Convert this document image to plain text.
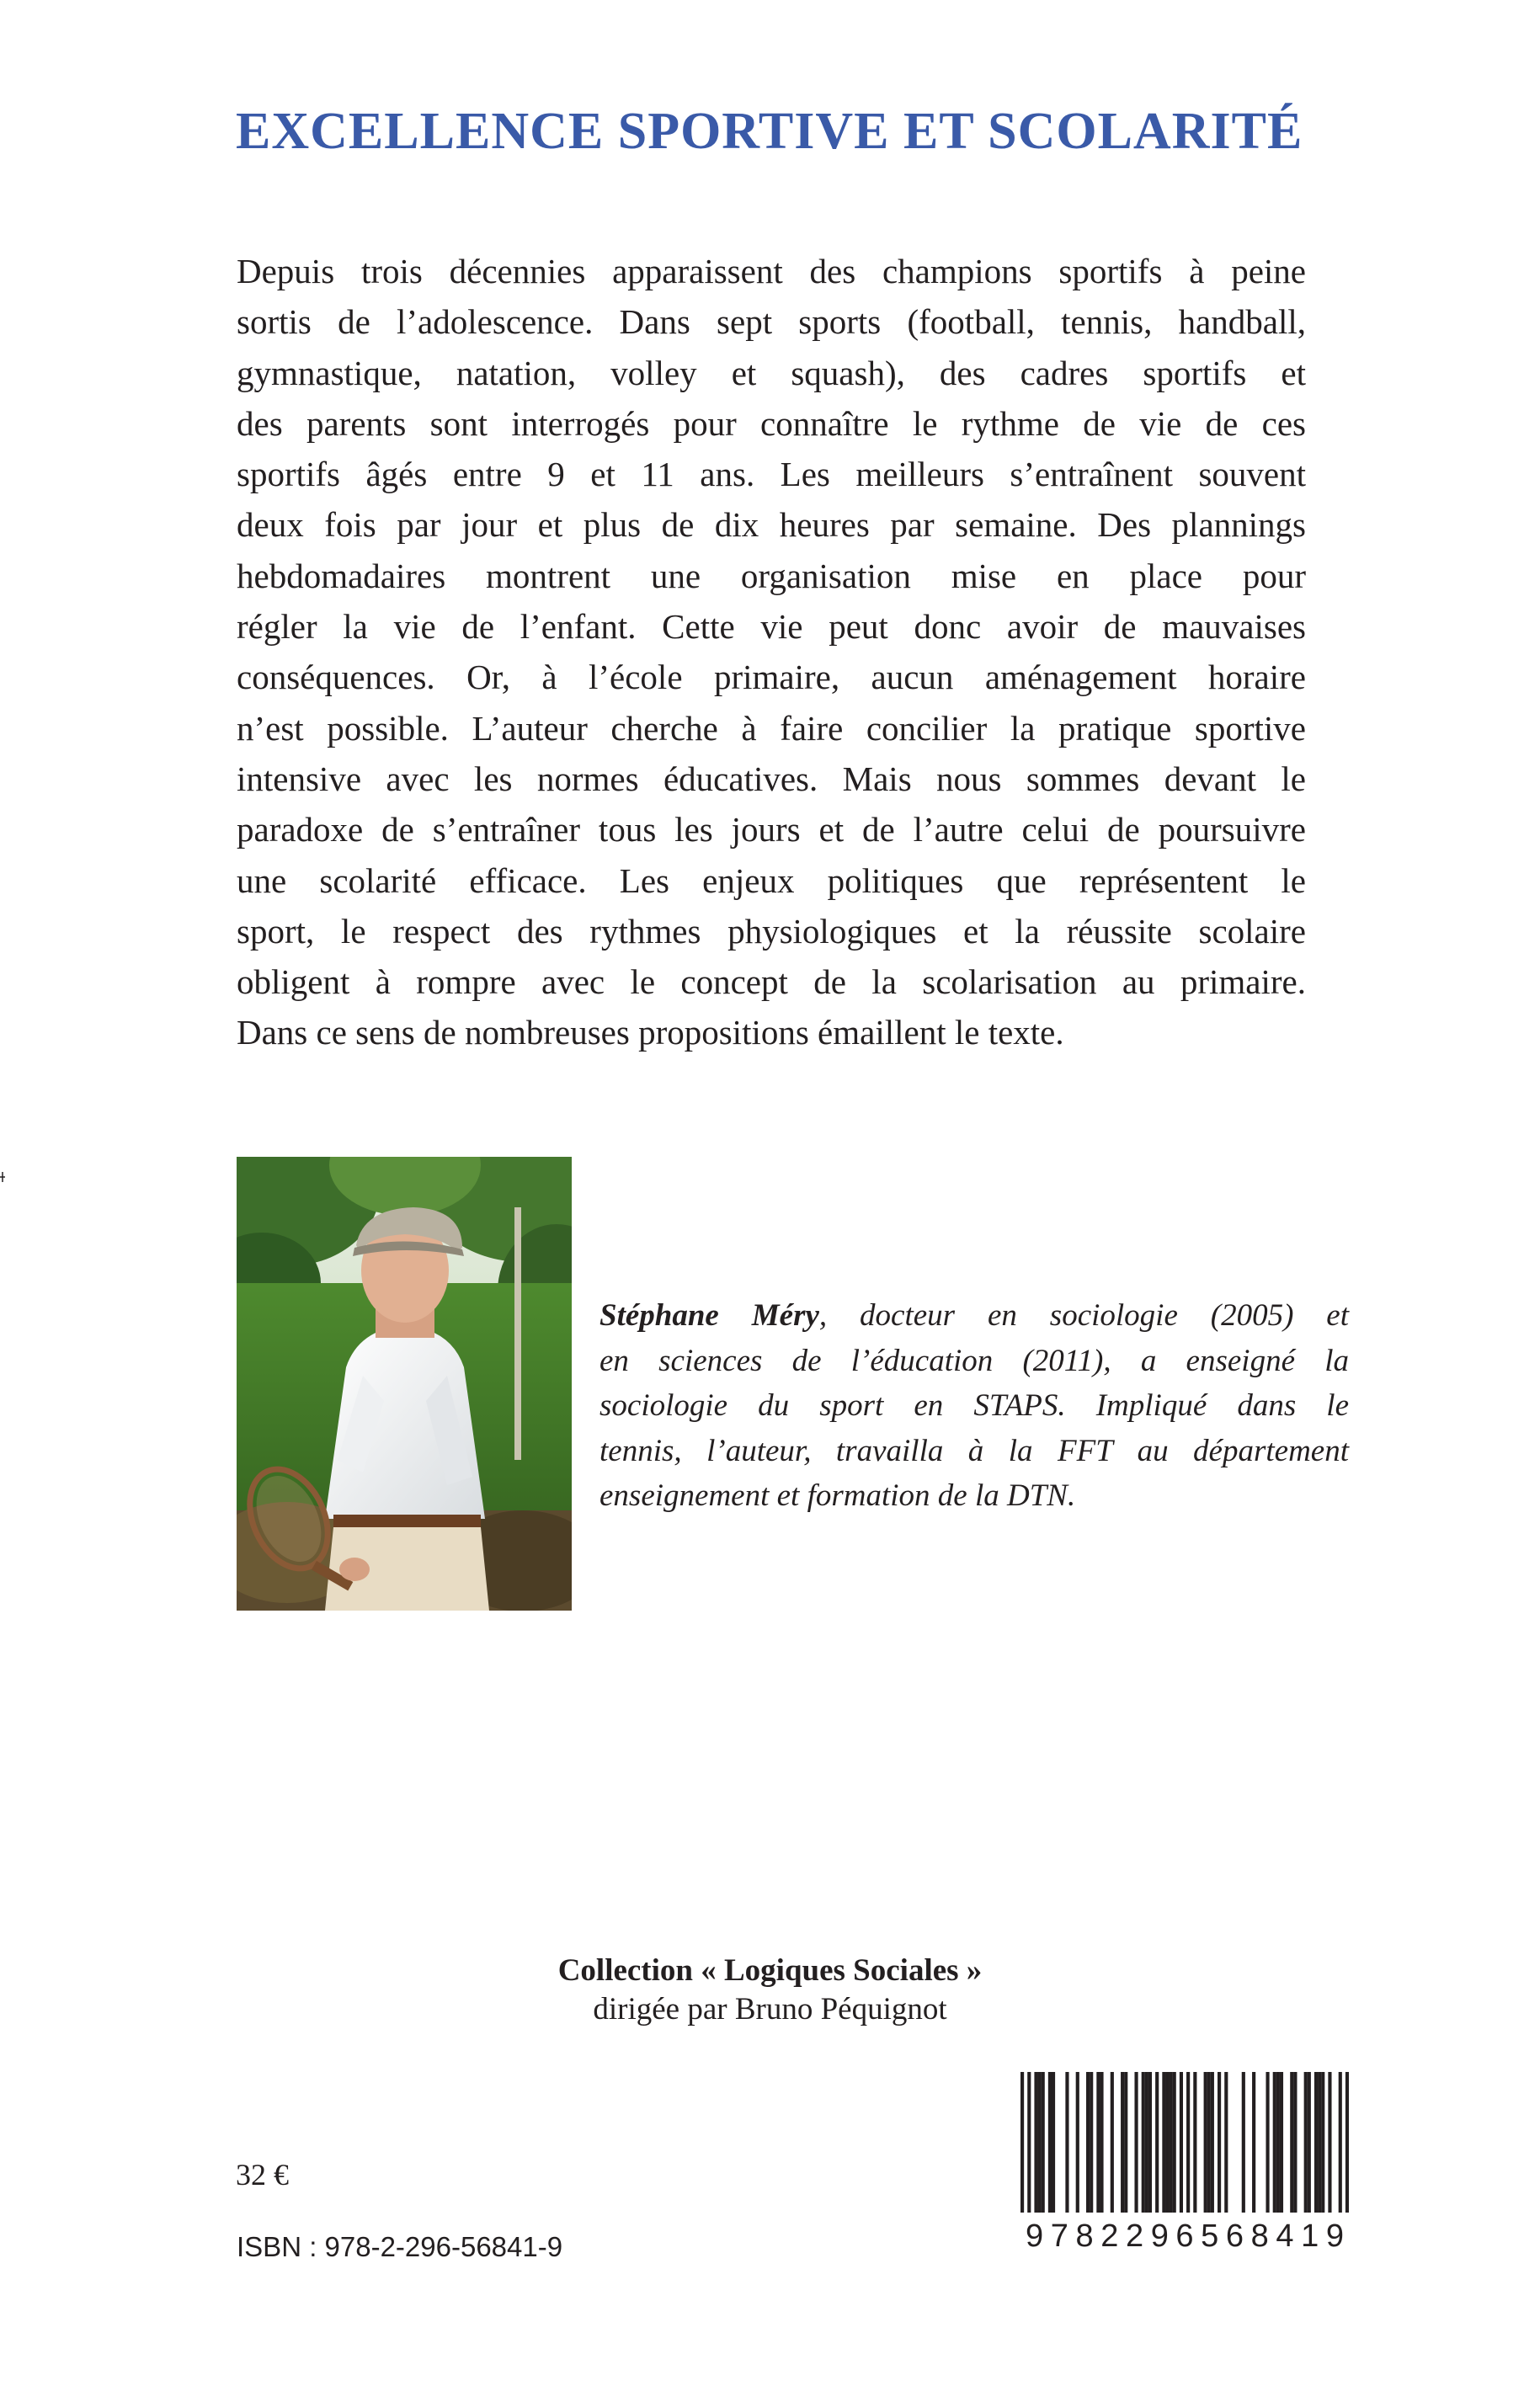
EXCELLENCE SPORTIVE ET SCOLARITÉ
Depuis trois décennies apparaissent des champions sportifs à peine
sortis de l’adolescence. Dans sept sports (football, tennis, handball,
gymnastique, natation, volley et squash), des cadres sportifs et
des parents sont interrogés pour connaître le rythme de vie de ces
sportifs âgés entre 9 et 11 ans. Les meilleurs s’entraînent souvent
deux fois par jour et plus de dix heures par semaine. Des plannings
hebdomadaires montrent une organisation mise en place pour
régler la vie de l’enfant. Cette vie peut donc avoir de mauvaises
conséquences. Or, à l’école primaire, aucun aménagement horaire
n’est possible. L’auteur cherche à faire concilier la pratique sportive
intensive avec les normes éducatives. Mais nous sommes devant le
paradoxe de s’entraîner tous les jours et de l’autre celui de poursuivre
une scolarité efficace. Les enjeux politiques que représentent le
sport, le respect des rythmes physiologiques et la réussite scolaire
obligent à rompre avec le concept de la scolarisation au primaire.
Dans ce sens de nombreuses propositions émaillent le texte.

Stéphane Méry, docteur en sociologie (2005) et
en sciences de l’éducation (2011), a enseigné la
sociologie du sport en STAPS. Impliqué dans le
tennis, l’auteur, travailla à la FFT au département
enseignement et formation de la DTN.

Collection « Logiques Sociales »
dirigée par Bruno Péquignot
32 €
ISBN : 978-2-296-56841-9	9782296568419
